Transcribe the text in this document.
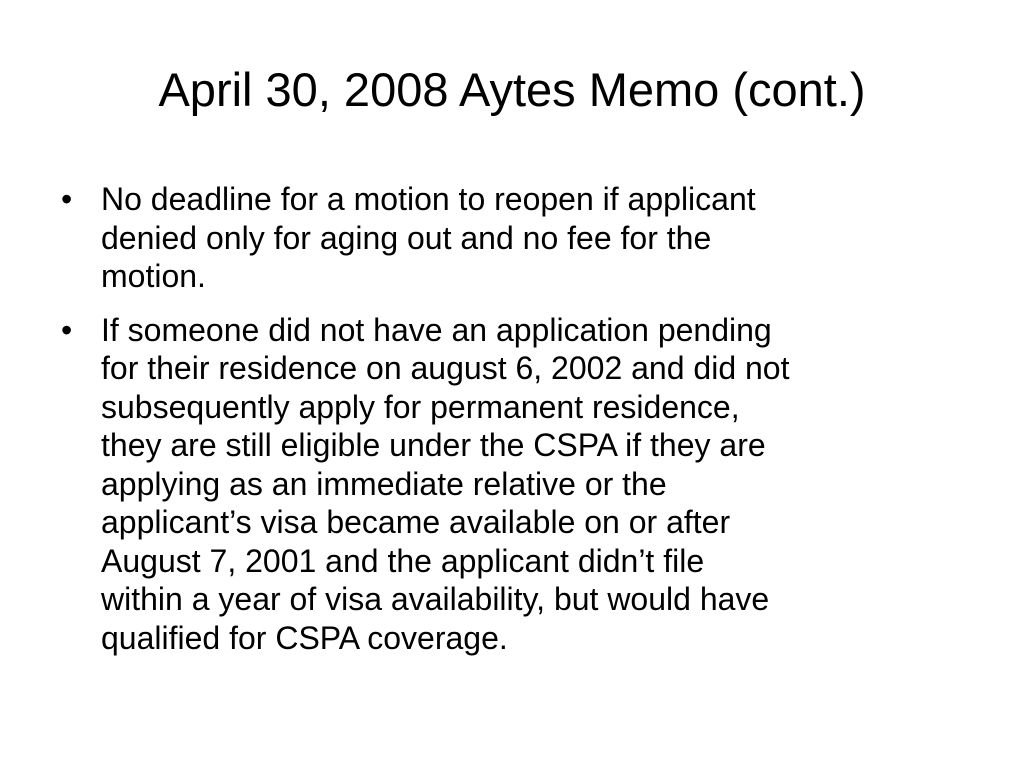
April 30, 2008 Aytes Memo (cont.)
• No deadline for a motion to reopen if applicant
denied only for aging out and no fee for the
motion.
• If someone did not have an application pending
for their residence on august 6, 2002 and did not
subsequently apply for permanent residence,
they are still eligible under the CSPA if they are
applying as an immediate relative or the
applicant’s visa became available on or after
August 7, 2001 and the applicant didn’t file
within a year of visa availability, but would have
qualified for CSPA coverage.
